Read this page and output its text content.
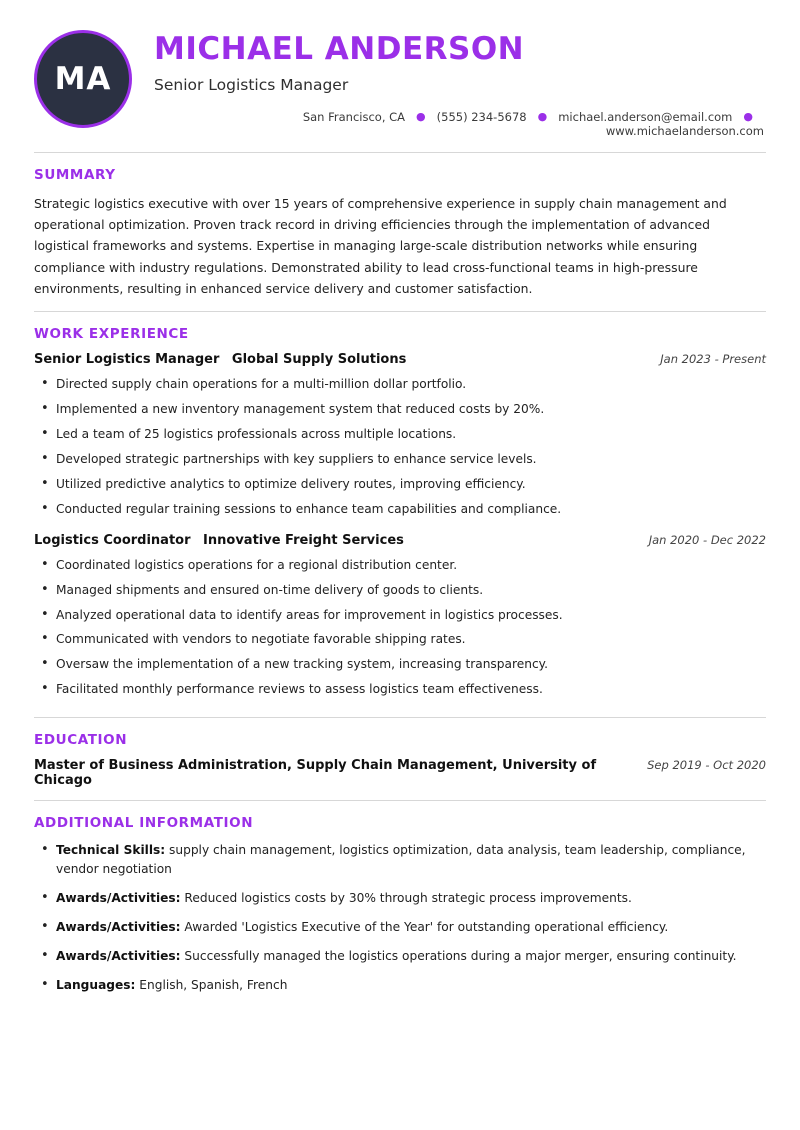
MA
MICHAEL ANDERSON
Senior Logistics Manager
San Francisco, CA	● (555) 234-5678	● michael.anderson@email.com	●
www.michaelanderson.com
SUMMARY

Strategic logistics executive with over 15 years of comprehensive experience in supply chain management and operational optimization. Proven track record in driving efficiencies through the implementation of advanced logistical frameworks and systems. Expertise in managing large-scale distribution networks while ensuring compliance with industry regulations. Demonstrated ability to lead cross-functional teams in high-pressure environments, resulting in enhanced service delivery and customer satisfaction.

WORK EXPERIENCE
Senior Logistics Manager Global Supply Solutions	Jan 2023 - Present
• Directed supply chain operations for a multi-million dollar portfolio.
• Implemented a new inventory management system that reduced costs by 20%.
• Led a team of 25 logistics professionals across multiple locations.
• Developed strategic partnerships with key suppliers to enhance service levels.
• Utilized predictive analytics to optimize delivery routes, improving efficiency.
• Conducted regular training sessions to enhance team capabilities and compliance.
Logistics Coordinator Innovative Freight Services	Jan 2020 - Dec 2022
• Coordinated logistics operations for a regional distribution center.
• Managed shipments and ensured on-time delivery of goods to clients.
• Analyzed operational data to identify areas for improvement in logistics processes.
• Communicated with vendors to negotiate favorable shipping rates.
• Oversaw the implementation of a new tracking system, increasing transparency.
• Facilitated monthly performance reviews to assess logistics team effectiveness.
EDUCATION
Master of Business Administration, Supply Chain Management, University of Chicago
Sep 2019 - Oct 2020
ADDITIONAL INFORMATION
• Technical Skills: supply chain management, logistics optimization, data analysis, team leadership, compliance, vendor negotiation
• Awards/Activities: Reduced logistics costs by 30% through strategic process improvements.
• Awards/Activities: Awarded 'Logistics Executive of the Year' for outstanding operational efficiency.
• Awards/Activities: Successfully managed the logistics operations during a major merger, ensuring continuity.
• Languages: English, Spanish, French
